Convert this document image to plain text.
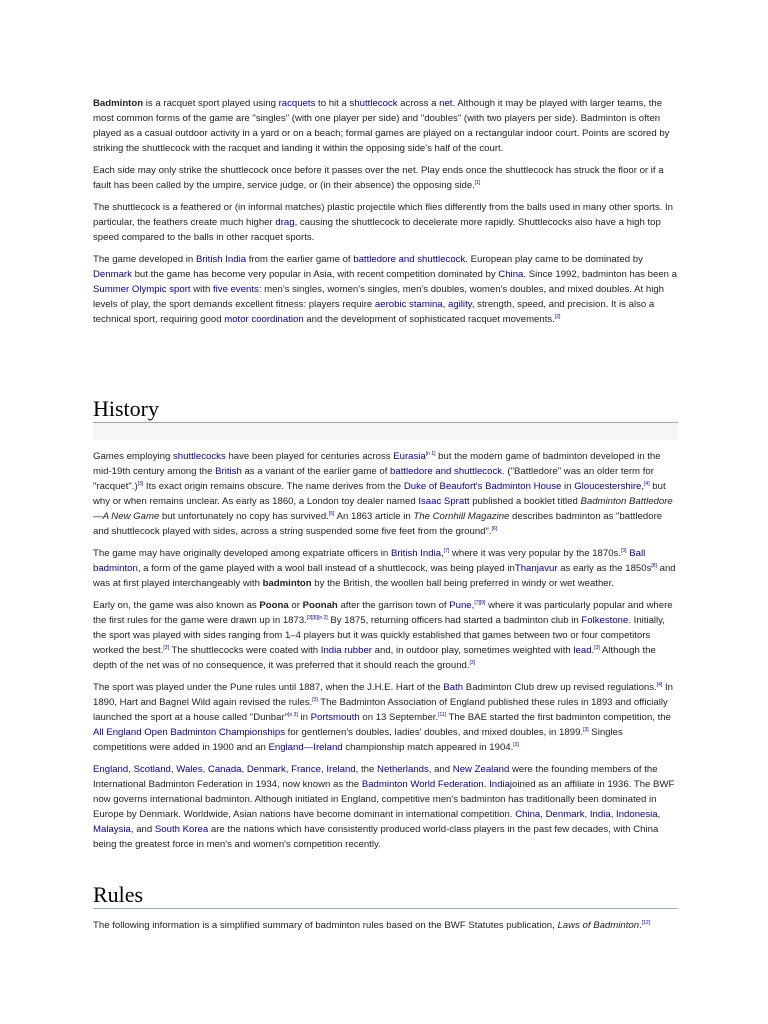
Badminton is a racquet sport played using racquets to hit a shuttlecock across a net. Although it may be played with larger teams, the most common forms of the game are "singles" (with one player per side) and "doubles" (with two players per side). Badminton is often played as a casual outdoor activity in a yard or on a beach; formal games are played on a rectangular indoor court. Points are scored by striking the shuttlecock with the racquet and landing it within the opposing side's half of the court.

Each side may only strike the shuttlecock once before it passes over the net. Play ends once the shuttlecock has struck the floor or if a fault has been called by the umpire, service judge, or (in their absence) the opposing side.[1]

The shuttlecock is a feathered or (in informal matches) plastic projectile which flies differently from the balls used in many other sports. In particular, the feathers create much higher drag, causing the shuttlecock to decelerate more rapidly. Shuttlecocks also have a high top speed compared to the balls in other racquet sports.

The game developed in British India from the earlier game of battledore and shuttlecock. European play came to be dominated by Denmark but the game has become very popular in Asia, with recent competition dominated by China. Since 1992, badminton has been a Summer Olympic sport with five events: men's singles, women's singles, men's doubles, women's doubles, and mixed doubles. At high levels of play, the sport demands excellent fitness: players require aerobic stamina, agility, strength, speed, and precision. It is also a technical sport, requiring good motor coordination and the development of sophisticated racquet movements.[2]

History

Games employing shuttlecocks have been played for centuries across Eurasia[n 1] but the modern game of badminton developed in the mid-19th century among the British as a variant of the earlier game of battledore and shuttlecock. ("Battledore" was an older term for "racquet".)[3] Its exact origin remains obscure. The name derives from the Duke of Beaufort's Badminton House in Gloucestershire,[4] but why or when remains unclear. As early as 1860, a London toy dealer named Isaac Spratt published a booklet titled Badminton Battledore—A New Game but unfortunately no copy has survived.[5] An 1863 article in The Cornhill Magazine describes badminton as "battledore and shuttlecock played with sides, across a string suspended some five feet from the ground".[6]

The game may have originally developed among expatriate officers in British India,[7] where it was very popular by the 1870s.[3] Ball badminton, a form of the game played with a wool ball instead of a shuttlecock, was being played inThanjavur as early as the 1850s[8] and was at first played interchangeably with badminton by the British, the woollen ball being preferred in windy or wet weather.

Early on, the game was also known as Poona or Poonah after the garrison town of Pune,[7][9] where it was particularly popular and where the first rules for the game were drawn up in 1873.[3][8][n 2] By 1875, returning officers had started a badminton club in Folkestone. Initially, the sport was played with sides ranging from 1–4 players but it was quickly established that games between two or four competitors worked the best.[3] The shuttlecocks were coated with India rubber and, in outdoor play, sometimes weighted with lead.[3] Although the depth of the net was of no consequence, it was preferred that it should reach the ground.[3]

The sport was played under the Pune rules until 1887, when the J.H.E. Hart of the Bath Badminton Club drew up revised regulations.[4] In 1890, Hart and Bagnel Wild again revised the rules.[3] The Badminton Association of England published these rules in 1893 and officially launched the sport at a house called "Dunbar"[n 3] in Portsmouth on 13 September.[11] The BAE started the first badminton competition, the All England Open Badminton Championships for gentlemen's doubles, ladies' doubles, and mixed doubles, in 1899.[3] Singles competitions were added in 1900 and an England—Ireland championship match appeared in 1904.[3]

England, Scotland, Wales, Canada, Denmark, France, Ireland, the Netherlands, and New Zealand were the founding members of the International Badminton Federation in 1934, now known as the Badminton World Federation. Indiajoined as an affiliate in 1936. The BWF now governs international badminton. Although initiated in England, competitive men's badminton has traditionally been dominated in Europe by Denmark. Worldwide, Asian nations have become dominant in international competition. China, Denmark, India, Indonesia, Malaysia, and South Korea are the nations which have consistently produced world-class players in the past few decades, with China being the greatest force in men's and women's competition recently.

Rules

The following information is a simplified summary of badminton rules based on the BWF Statutes publication, Laws of Badminton.[12]
